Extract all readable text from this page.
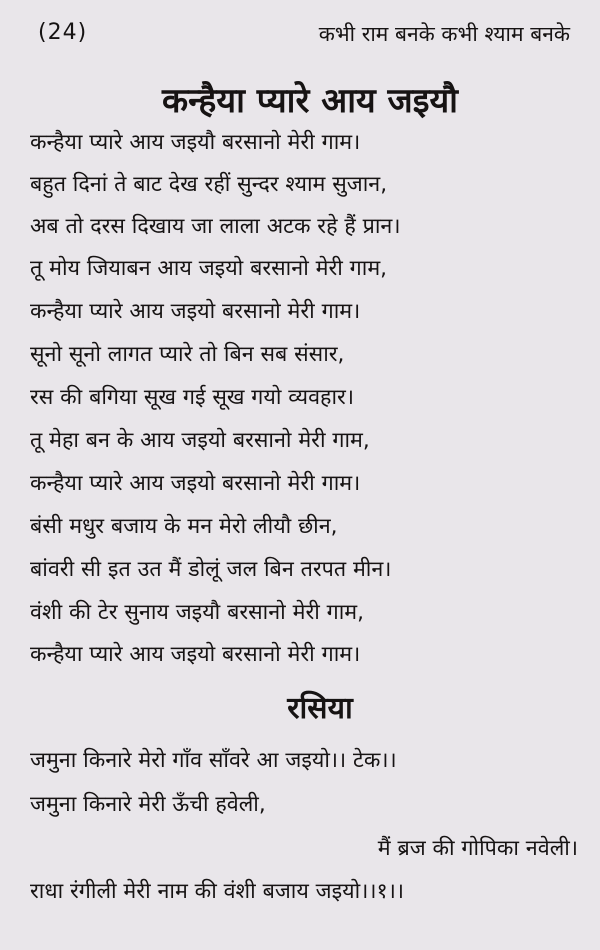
(24)	कभी राम बनके कभी श्याम बनके
कन्हैया प्यारे आय जइयौ
कन्हैया प्यारे आय जइयौ बरसानो मेरी गाम।
बहुत दिनां ते बाट देख रहीं सुन्दर श्याम सुजान,
अब तो दरस दिखाय जा लाला अटक रहे हैं प्रान।
तू मोय जियाबन आय जइयो बरसानो मेरी गाम,
कन्हैया प्यारे आय जइयो बरसानो मेरी गाम।
सूनो सूनो लागत प्यारे तो बिन सब संसार,
रस की बगिया सूख गई सूख गयो व्यवहार।
तू मेहा बन के आय जइयो बरसानो मेरी गाम,
कन्हैया प्यारे आय जइयो बरसानो मेरी गाम।
बंसी मधुर बजाय के मन मेरो लीयौ छीन,
बांवरी सी इत उत मैं डोलूं जल बिन तरपत मीन।
वंशी की टेर सुनाय जइयौ बरसानो मेरी गाम,
कन्हैया प्यारे आय जइयो बरसानो मेरी गाम।
रसिया
जमुना किनारे मेरो गाँव साँवरे आ जइयो।। टेक।।
जमुना किनारे मेरी ऊँची हवेली,
मैं ब्रज की गोपिका नवेली।
राधा रंगीली मेरी नाम की वंशी बजाय जइयो।।१।।
